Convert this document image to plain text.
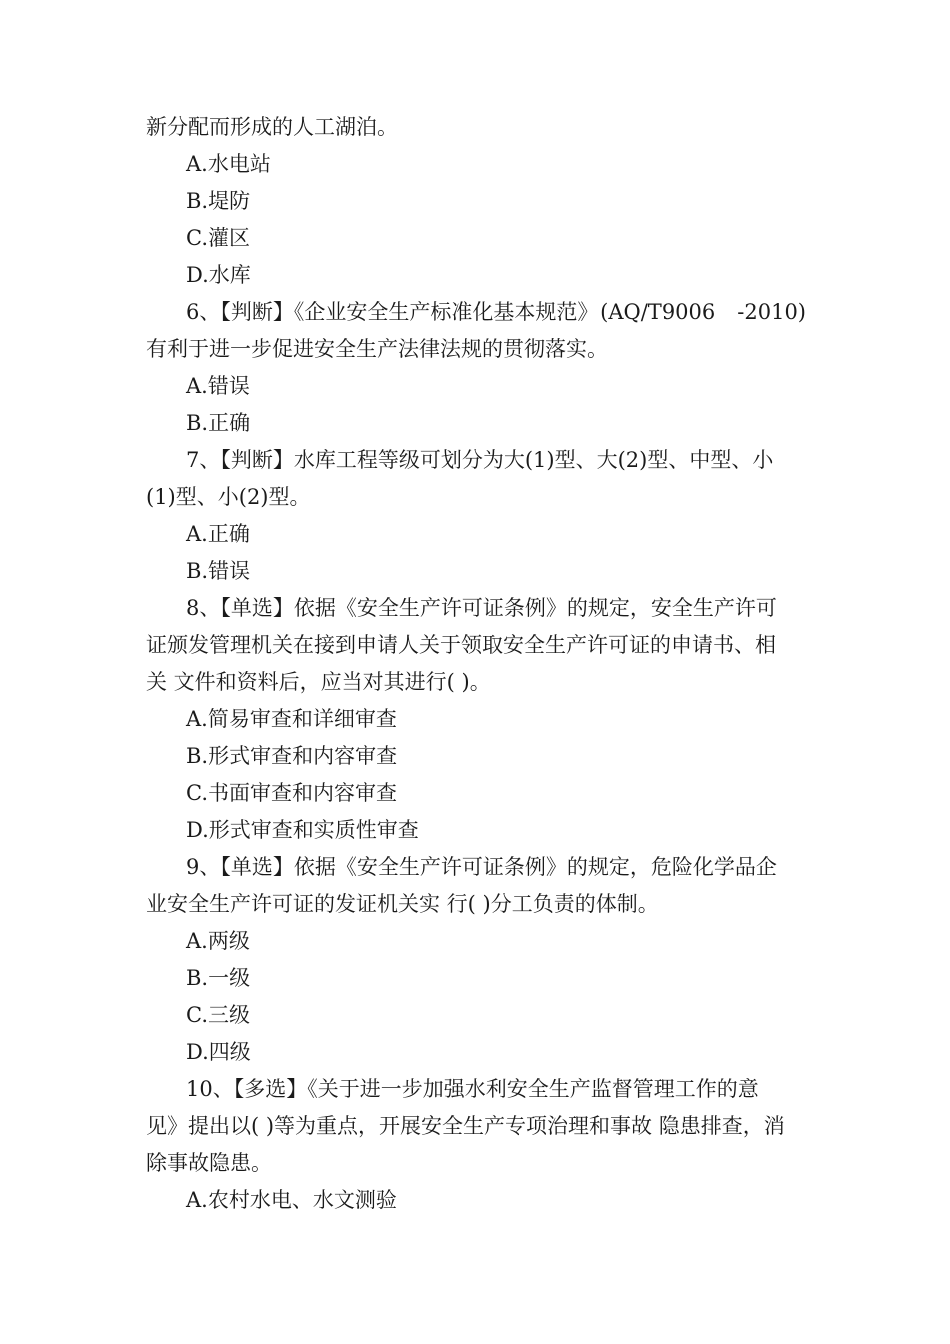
新分配而形成的人工湖泊。
A.水电站
B.堤防
C.灌区
D.水库
6、【判断】《企业安全生产标准化基本规范》 (AQ/T9006 -2010)
有利于进一步促进安全生产法律法规的贯彻落实。
A.错误
B.正确
7、【判断】水库工程等级可划分为大(1)型、大(2)型、中型、小
(1)型、小(2)型。
A.正确
B.错误
8、【单选】依据《安全生产许可证条例》的规定，安全生产许可
证颁发管理机关在接到申请人关于领取安全生产许可证的申请书、相
关 文件和资料后，应当对其进行( )。
A.简易审查和详细审查
B.形式审查和内容审查
C.书面审查和内容审查
D.形式审查和实质性审查
9、【单选】依据《安全生产许可证条例》的规定，危险化学品企
业安全生产许可证的发证机关实 行( )分工负责的体制。
A.两级
B.一级
C.三级
D.四级
10、【多选】《关于进一步加强水利安全生产监督管理工作的意
见》提出以( )等为重点，开展安全生产专项治理和事故 隐患排查，消
除事故隐患。
A.农村水电、水文测验
